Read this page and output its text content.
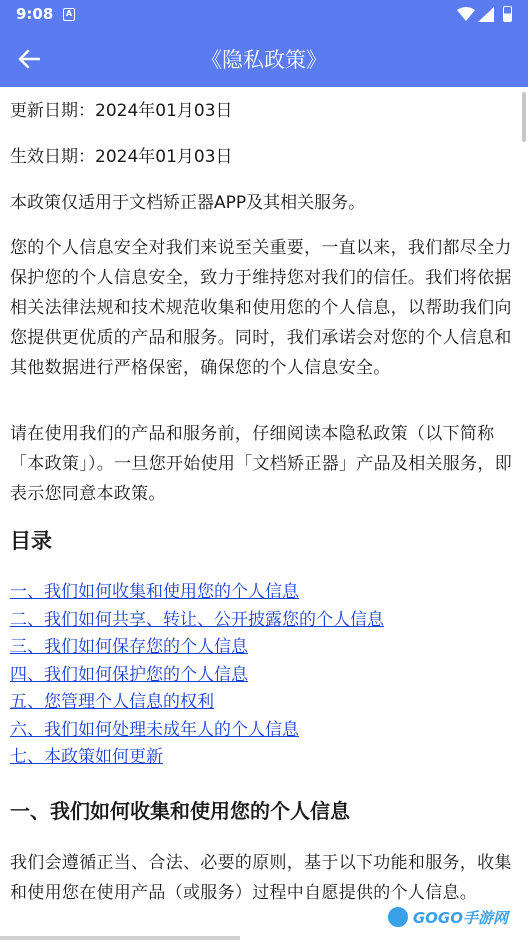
9:08	A
《隐私政策》

更新日期：2024年01月03日

生效日期：2024年01月03日

本政策仅适用于文档矫正器APP及其相关服务。

您的个人信息安全对我们来说至关重要，一直以来，我们都尽全力保护您的个人信息安全，致力于维持您对我们的信任。我们将依据相关法律法规和技术规范收集和使用您的个人信息，以帮助我们向您提供更优质的产品和服务。同时，我们承诺会对您的个人信息和其他数据进行严格保密，确保您的个人信息安全。

请在使用我们的产品和服务前，仔细阅读本隐私政策（以下简称「本政策」）。一旦您开始使用「文档矫正器」产品及相关服务，即表示您同意本政策。

目录
一、我们如何收集和使用您的个人信息
二、我们如何共享、转让、公开披露您的个人信息
三、我们如何保存您的个人信息
四、我们如何保护您的个人信息
五、您管理个人信息的权利
六、我们如何处理未成年人的个人信息
七、本政策如何更新
一、我们如何收集和使用您的个人信息

我们会遵循正当、合法、必要的原则，基于以下功能和服务，收集和使用您在使用产品（或服务）过程中自愿提供的个人信息。

GOGO手游网
